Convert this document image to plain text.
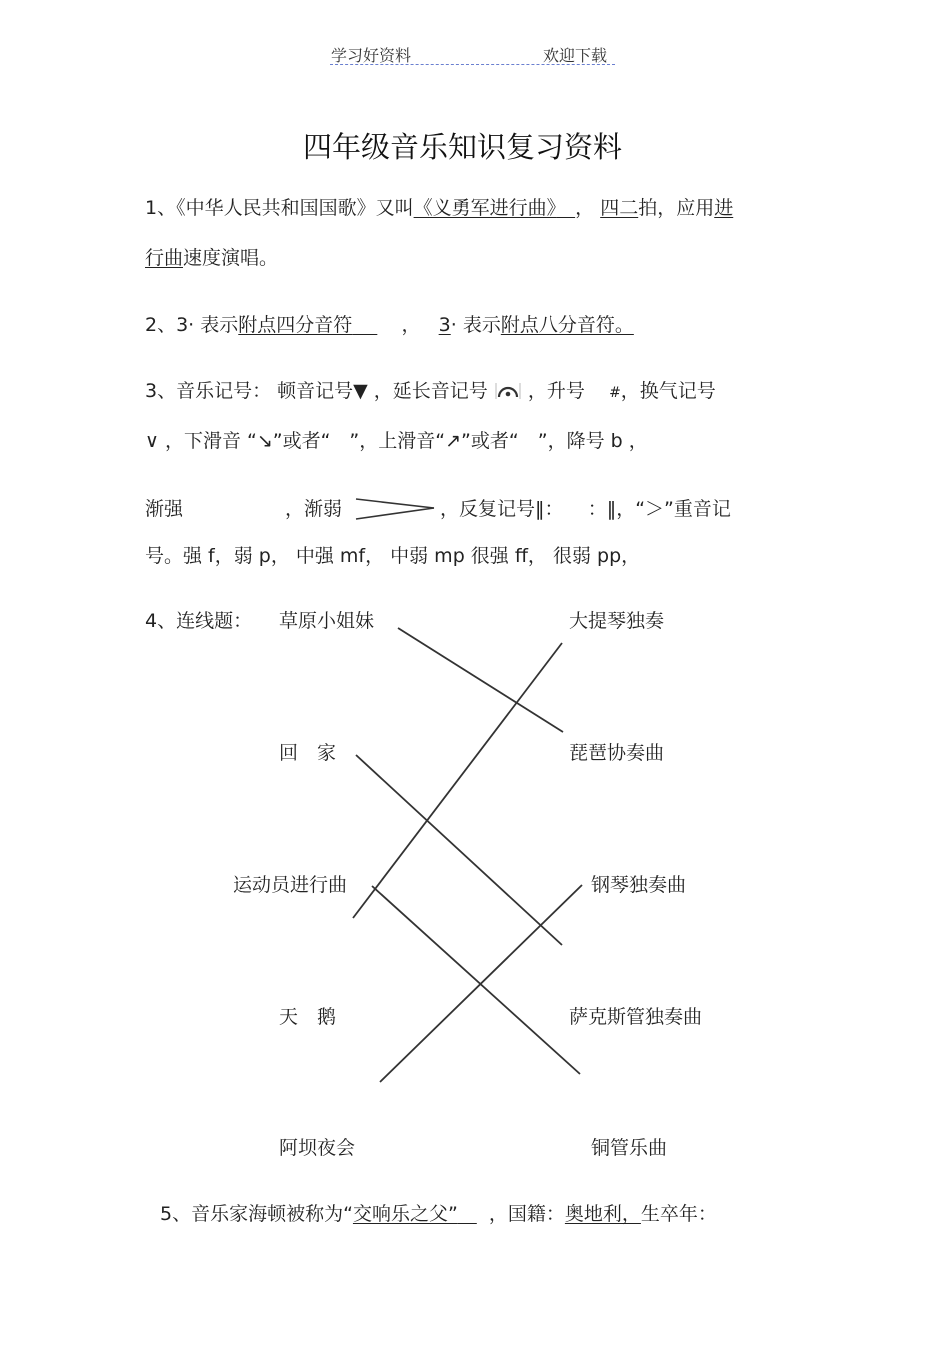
学习好资料	欢迎下载
四年级音乐知识复习资料
1、《中华人民共和国国歌》又叫《义勇军进行曲》　 ， 四二拍，应用进
行曲速度演唱。
2、3· 表示附点四分音符　	， 3· 表示附点八分音符。
3、音乐记号： 顿音记号▼ ，延长音记号 ，升号 #，换气记号
∨ ，下滑音 “↘”或者“　”，上滑音“↗”或者“　”，降号 b ，
渐强	，渐弱	，反复记号‖： ：‖，“＞”重音记
号。强 f，弱 p， 中强 mf， 中弱 mp 很强 ff， 很弱 pp，
4、连线题： 草原小姐妹
回　家
运动员进行曲
天　鹅
阿坝夜会
大提琴独奏
琵琶协奏曲
钢琴独奏曲
萨克斯管独奏曲
铜管乐曲
5、音乐家海顿被称为“交响乐之父”　 ，国籍：奥地利，生卒年：
